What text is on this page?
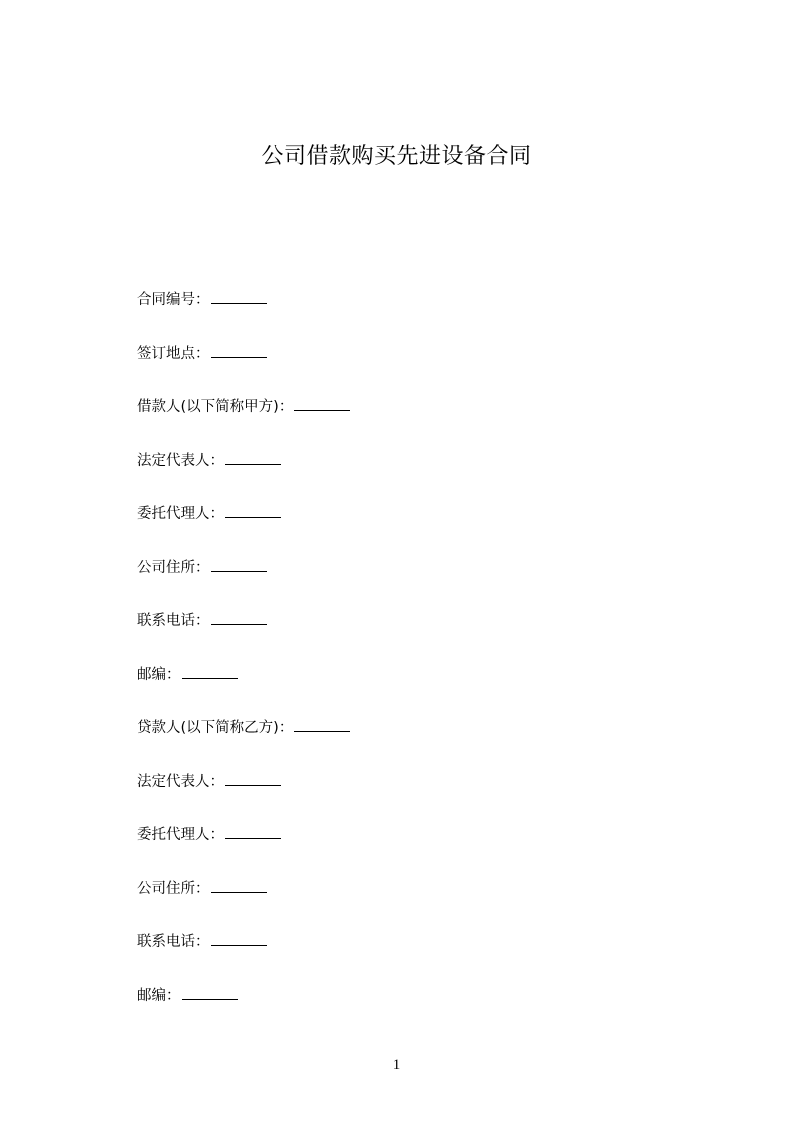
公司借款购买先进设备合同
合同编号：
签订地点：
借款人(以下简称甲方)：
法定代表人：
委托代理人：
公司住所：
联系电话：
邮编：
贷款人(以下简称乙方)：
法定代表人：
委托代理人：
公司住所：
联系电话：
邮编：
1
